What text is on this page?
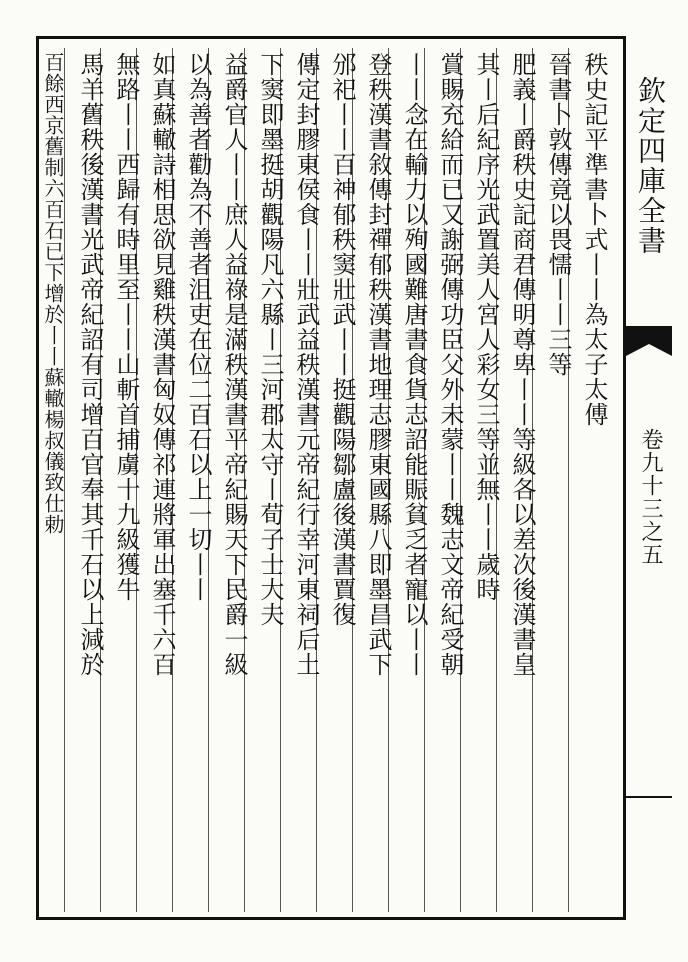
欽定四庫全書
卷九十三之五
秩史記平準書卜式丨丨為太子太傅
晉書卜敦傳竟以畏懦丨丨三等
肥義丨爵秩史記商君傳明尊卑丨丨等級各以差次後漢書皇
其丨后紀序光武置美人宮人彩女三等並無丨丨歲時
賞賜充給而已又謝弼傳功臣父外未蒙丨丨魏志文帝紀受朝
丨丨念在輸力以殉國難唐書食貨志詔能賑貧乏者寵以丨丨
登秩漢書敘傳封禪郁秩漢書地理志膠東國縣八即墨昌武下
邠祀丨丨百神郁秩窦壯武丨丨挺觀陽鄒盧後漢書賈復
傳定封膠東侯食丨丨壯武益秩漢書元帝紀行幸河東祠后土
下窦即墨挺胡觀陽凡六縣丨三河郡太守丨荀子士大夫
益爵官人丨丨庶人益祿是滿秩漢書平帝紀賜天下民爵一級
以為善者勸為不善者沮吏在位二百石以上一切丨丨
如真蘇轍詩相思欲見雞秩漢書匈奴傳祁連將軍出塞千六百
無路丨丨西歸有時里至丨丨山斬首捕虜十九級獲牛
馬羊舊秩後漢書光武帝紀詔有司增百官奉其千石以上減於
百餘西京舊制六百石已下增於丨丨蘇轍楊叔儀致仕勅
